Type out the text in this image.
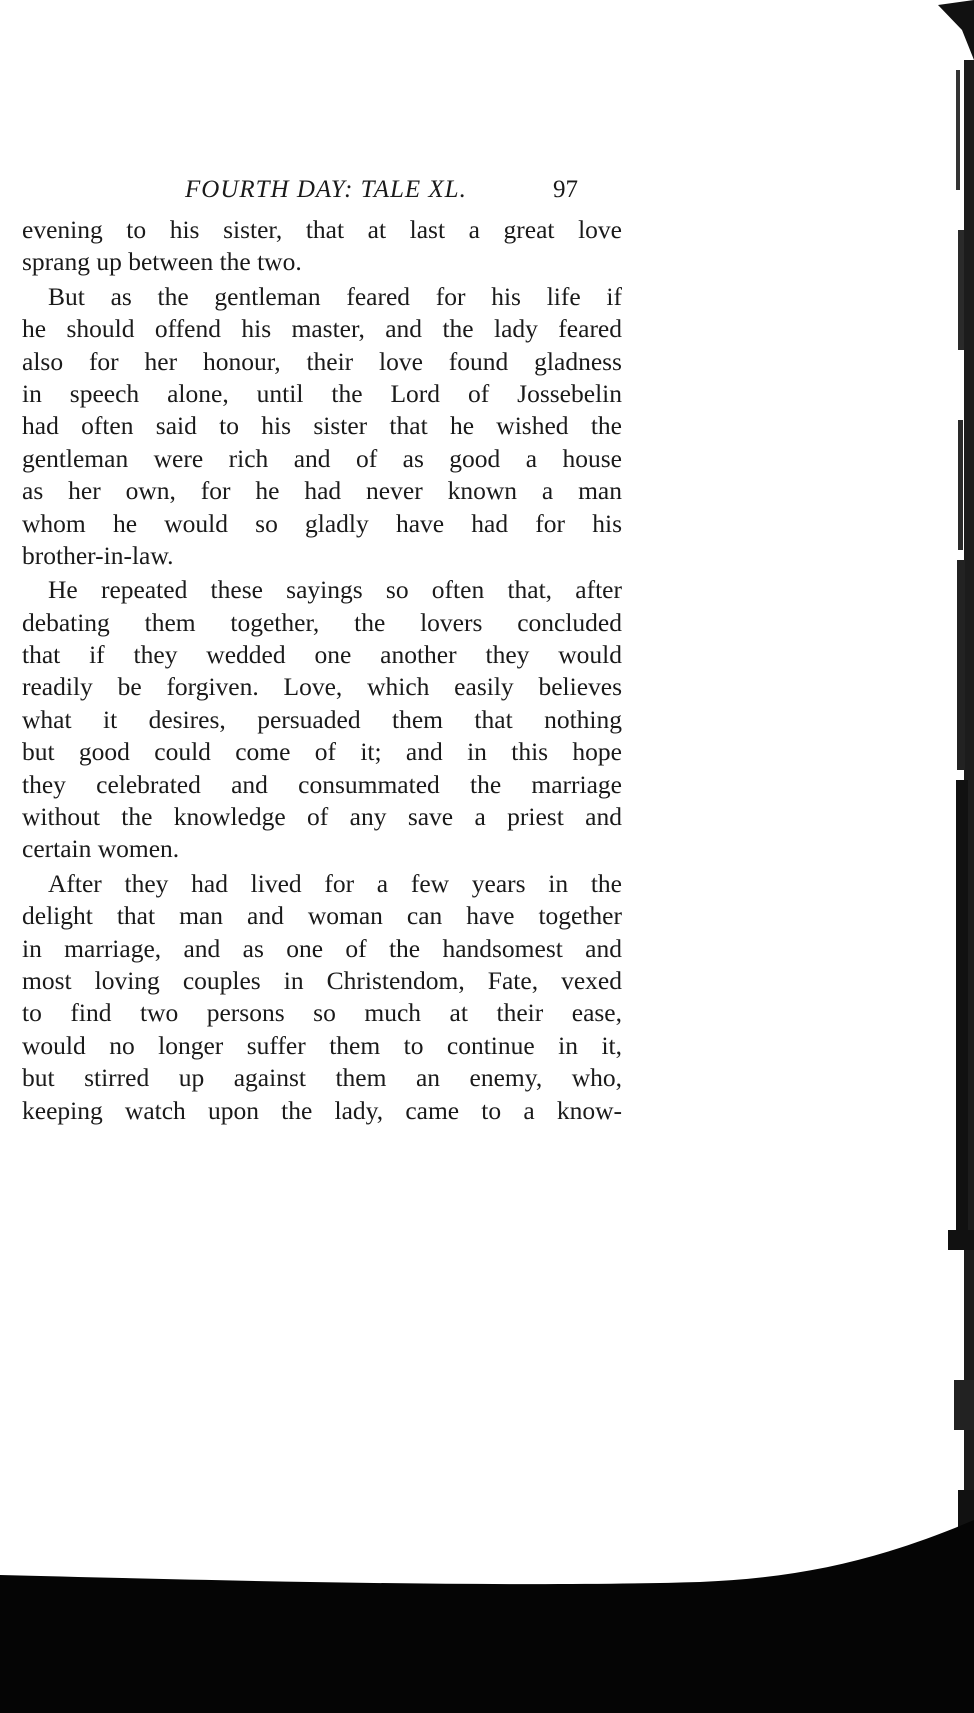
FOURTH DAY: TALE XL.	97
evening to his sister, that at last a great love
sprang up between the two.
But as the gentleman feared for his life if
he should offend his master, and the lady feared
also for her honour, their love found gladness
in speech alone, until the Lord of Jossebelin
had often said to his sister that he wished the
gentleman were rich and of as good a house
as her own, for he had never known a man
whom he would so gladly have had for his
brother-in-law.
He repeated these sayings so often that, after
debating them together, the lovers concluded
that if they wedded one another they would
readily be forgiven. Love, which easily believes
what it desires, persuaded them that nothing
but good could come of it; and in this hope
they celebrated and consummated the marriage
without the knowledge of any save a priest and
certain women.
After they had lived for a few years in the
delight that man and woman can have together
in marriage, and as one of the handsomest and
most loving couples in Christendom, Fate, vexed
to find two persons so much at their ease,
would no longer suffer them to continue in it,
but stirred up against them an enemy, who,
keeping watch upon the lady, came to a know-
